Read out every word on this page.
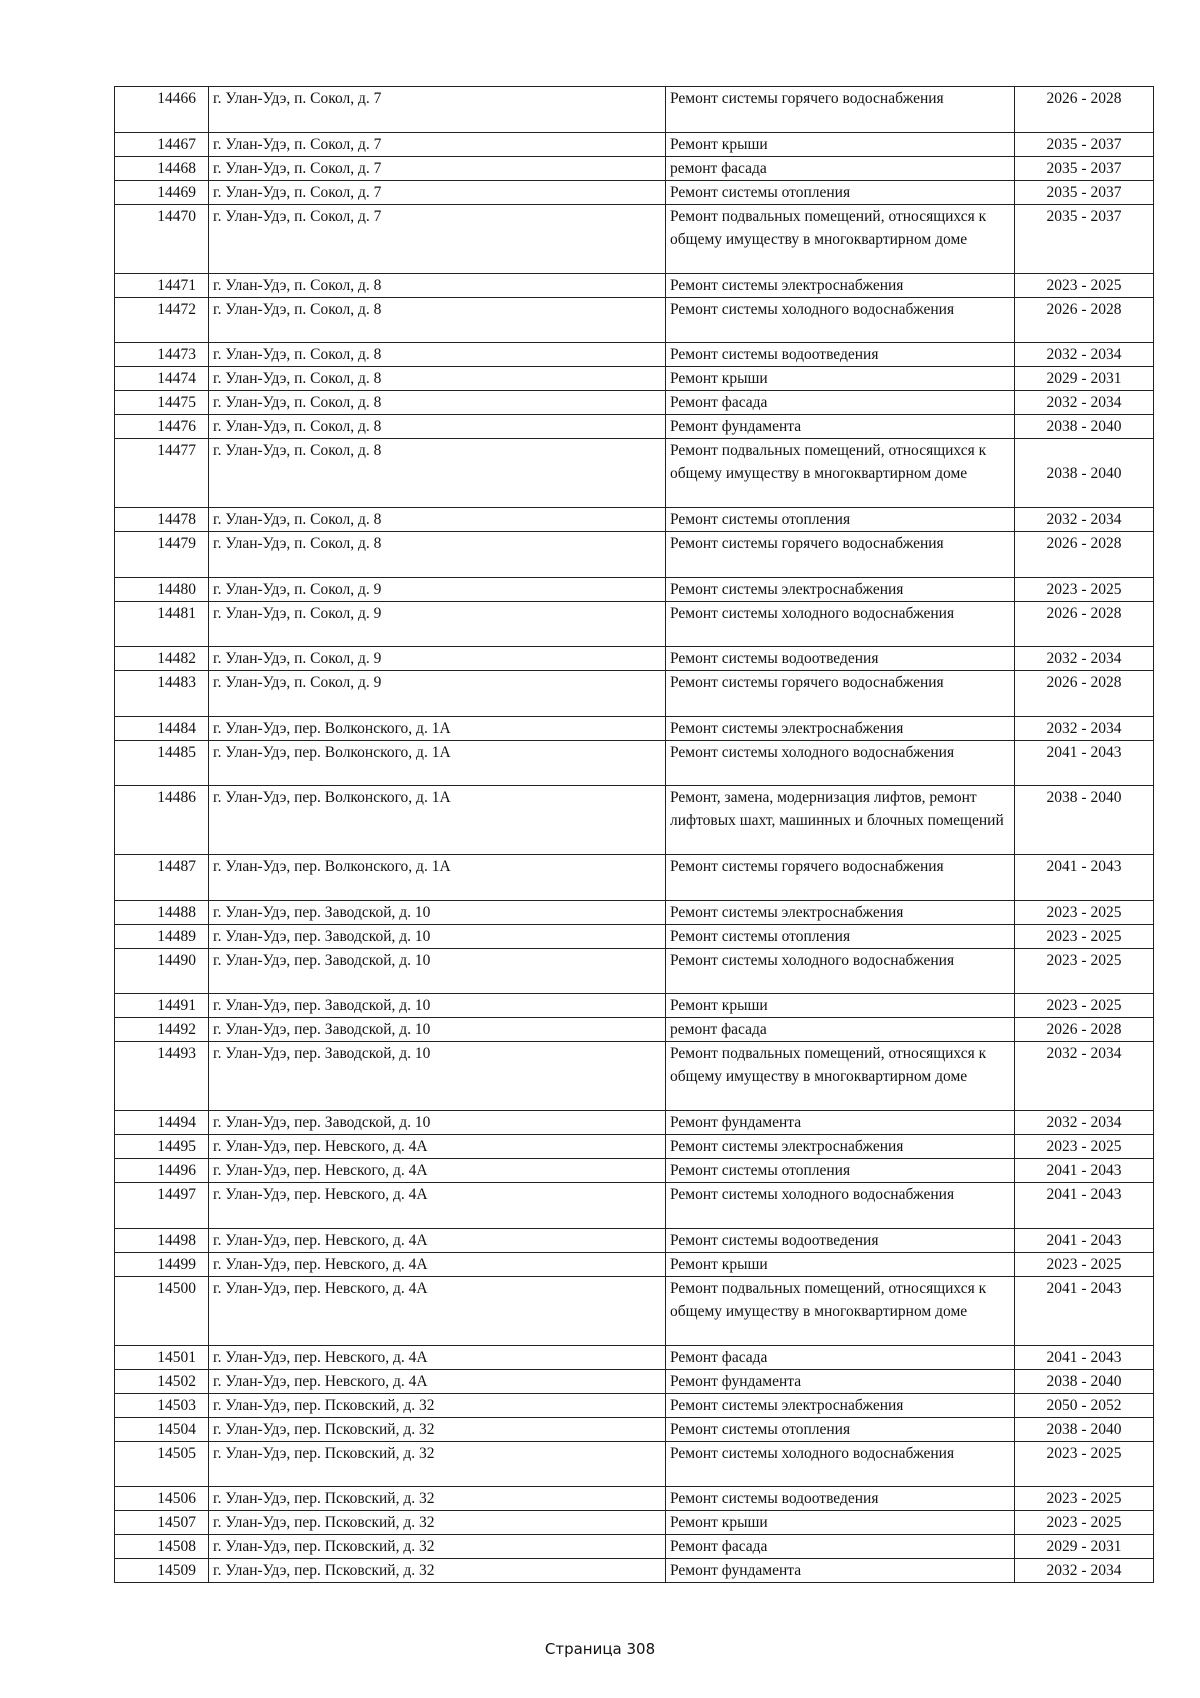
14466	г. Улан-Удэ, п. Сокол, д. 7	Ремонт системы горячего водоснабжения	2026 - 2028
14467	г. Улан-Удэ, п. Сокол, д. 7	Ремонт крыши	2035 - 2037
14468	г. Улан-Удэ, п. Сокол, д. 7	ремонт фасада	2035 - 2037
14469	г. Улан-Удэ, п. Сокол, д. 7	Ремонт системы отопления	2035 - 2037
14470	г. Улан-Удэ, п. Сокол, д. 7	Ремонт подвальных помещений, относящихся к общему имуществу в многоквартирном доме	2035 - 2037
14471	г. Улан-Удэ, п. Сокол, д. 8	Ремонт системы электроснабжения	2023 - 2025
14472	г. Улан-Удэ, п. Сокол, д. 8	Ремонт системы холодного водоснабжения	2026 - 2028
14473	г. Улан-Удэ, п. Сокол, д. 8	Ремонт системы водоотведения	2032 - 2034
14474	г. Улан-Удэ, п. Сокол, д. 8	Ремонт крыши	2029 - 2031
14475	г. Улан-Удэ, п. Сокол, д. 8	Ремонт фасада	2032 - 2034
14476	г. Улан-Удэ, п. Сокол, д. 8	Ремонт фундамента	2038 - 2040
14477	г. Улан-Удэ, п. Сокол, д. 8	Ремонт подвальных помещений, относящихся к общему имуществу в многоквартирном доме	2038 - 2040
14478	г. Улан-Удэ, п. Сокол, д. 8	Ремонт системы отопления	2032 - 2034
14479	г. Улан-Удэ, п. Сокол, д. 8	Ремонт системы горячего водоснабжения	2026 - 2028
14480	г. Улан-Удэ, п. Сокол, д. 9	Ремонт системы электроснабжения	2023 - 2025
14481	г. Улан-Удэ, п. Сокол, д. 9	Ремонт системы холодного водоснабжения	2026 - 2028
14482	г. Улан-Удэ, п. Сокол, д. 9	Ремонт системы водоотведения	2032 - 2034
14483	г. Улан-Удэ, п. Сокол, д. 9	Ремонт системы горячего водоснабжения	2026 - 2028
14484	г. Улан-Удэ, пер. Волконского, д. 1А	Ремонт системы электроснабжения	2032 - 2034
14485	г. Улан-Удэ, пер. Волконского, д. 1А	Ремонт системы холодного водоснабжения	2041 - 2043
14486	г. Улан-Удэ, пер. Волконского, д. 1А	Ремонт, замена, модернизация лифтов, ремонт лифтовых шахт, машинных и блочных помещений	2038 - 2040
14487	г. Улан-Удэ, пер. Волконского, д. 1А	Ремонт системы горячего водоснабжения	2041 - 2043
14488	г. Улан-Удэ, пер. Заводской, д. 10	Ремонт системы электроснабжения	2023 - 2025
14489	г. Улан-Удэ, пер. Заводской, д. 10	Ремонт системы отопления	2023 - 2025
14490	г. Улан-Удэ, пер. Заводской, д. 10	Ремонт системы холодного водоснабжения	2023 - 2025
14491	г. Улан-Удэ, пер. Заводской, д. 10	Ремонт крыши	2023 - 2025
14492	г. Улан-Удэ, пер. Заводской, д. 10	ремонт фасада	2026 - 2028
14493	г. Улан-Удэ, пер. Заводской, д. 10	Ремонт подвальных помещений, относящихся к общему имуществу в многоквартирном доме	2032 - 2034
14494	г. Улан-Удэ, пер. Заводской, д. 10	Ремонт фундамента	2032 - 2034
14495	г. Улан-Удэ, пер. Невского, д. 4А	Ремонт системы электроснабжения	2023 - 2025
14496	г. Улан-Удэ, пер. Невского, д. 4А	Ремонт системы отопления	2041 - 2043
14497	г. Улан-Удэ, пер. Невского, д. 4А	Ремонт системы холодного водоснабжения	2041 - 2043
14498	г. Улан-Удэ, пер. Невского, д. 4А	Ремонт системы водоотведения	2041 - 2043
14499	г. Улан-Удэ, пер. Невского, д. 4А	Ремонт крыши	2023 - 2025
14500	г. Улан-Удэ, пер. Невского, д. 4А	Ремонт подвальных помещений, относящихся к общему имуществу в многоквартирном доме	2041 - 2043
14501	г. Улан-Удэ, пер. Невского, д. 4А	Ремонт фасада	2041 - 2043
14502	г. Улан-Удэ, пер. Невского, д. 4А	Ремонт фундамента	2038 - 2040
14503	г. Улан-Удэ, пер. Псковский, д. 32	Ремонт системы электроснабжения	2050 - 2052
14504	г. Улан-Удэ, пер. Псковский, д. 32	Ремонт системы отопления	2038 - 2040
14505	г. Улан-Удэ, пер. Псковский, д. 32	Ремонт системы холодного водоснабжения	2023 - 2025
14506	г. Улан-Удэ, пер. Псковский, д. 32	Ремонт системы водоотведения	2023 - 2025
14507	г. Улан-Удэ, пер. Псковский, д. 32	Ремонт крыши	2023 - 2025
14508	г. Улан-Удэ, пер. Псковский, д. 32	Ремонт фасада	2029 - 2031
14509	г. Улан-Удэ, пер. Псковский, д. 32	Ремонт фундамента	2032 - 2034
Страница 308
